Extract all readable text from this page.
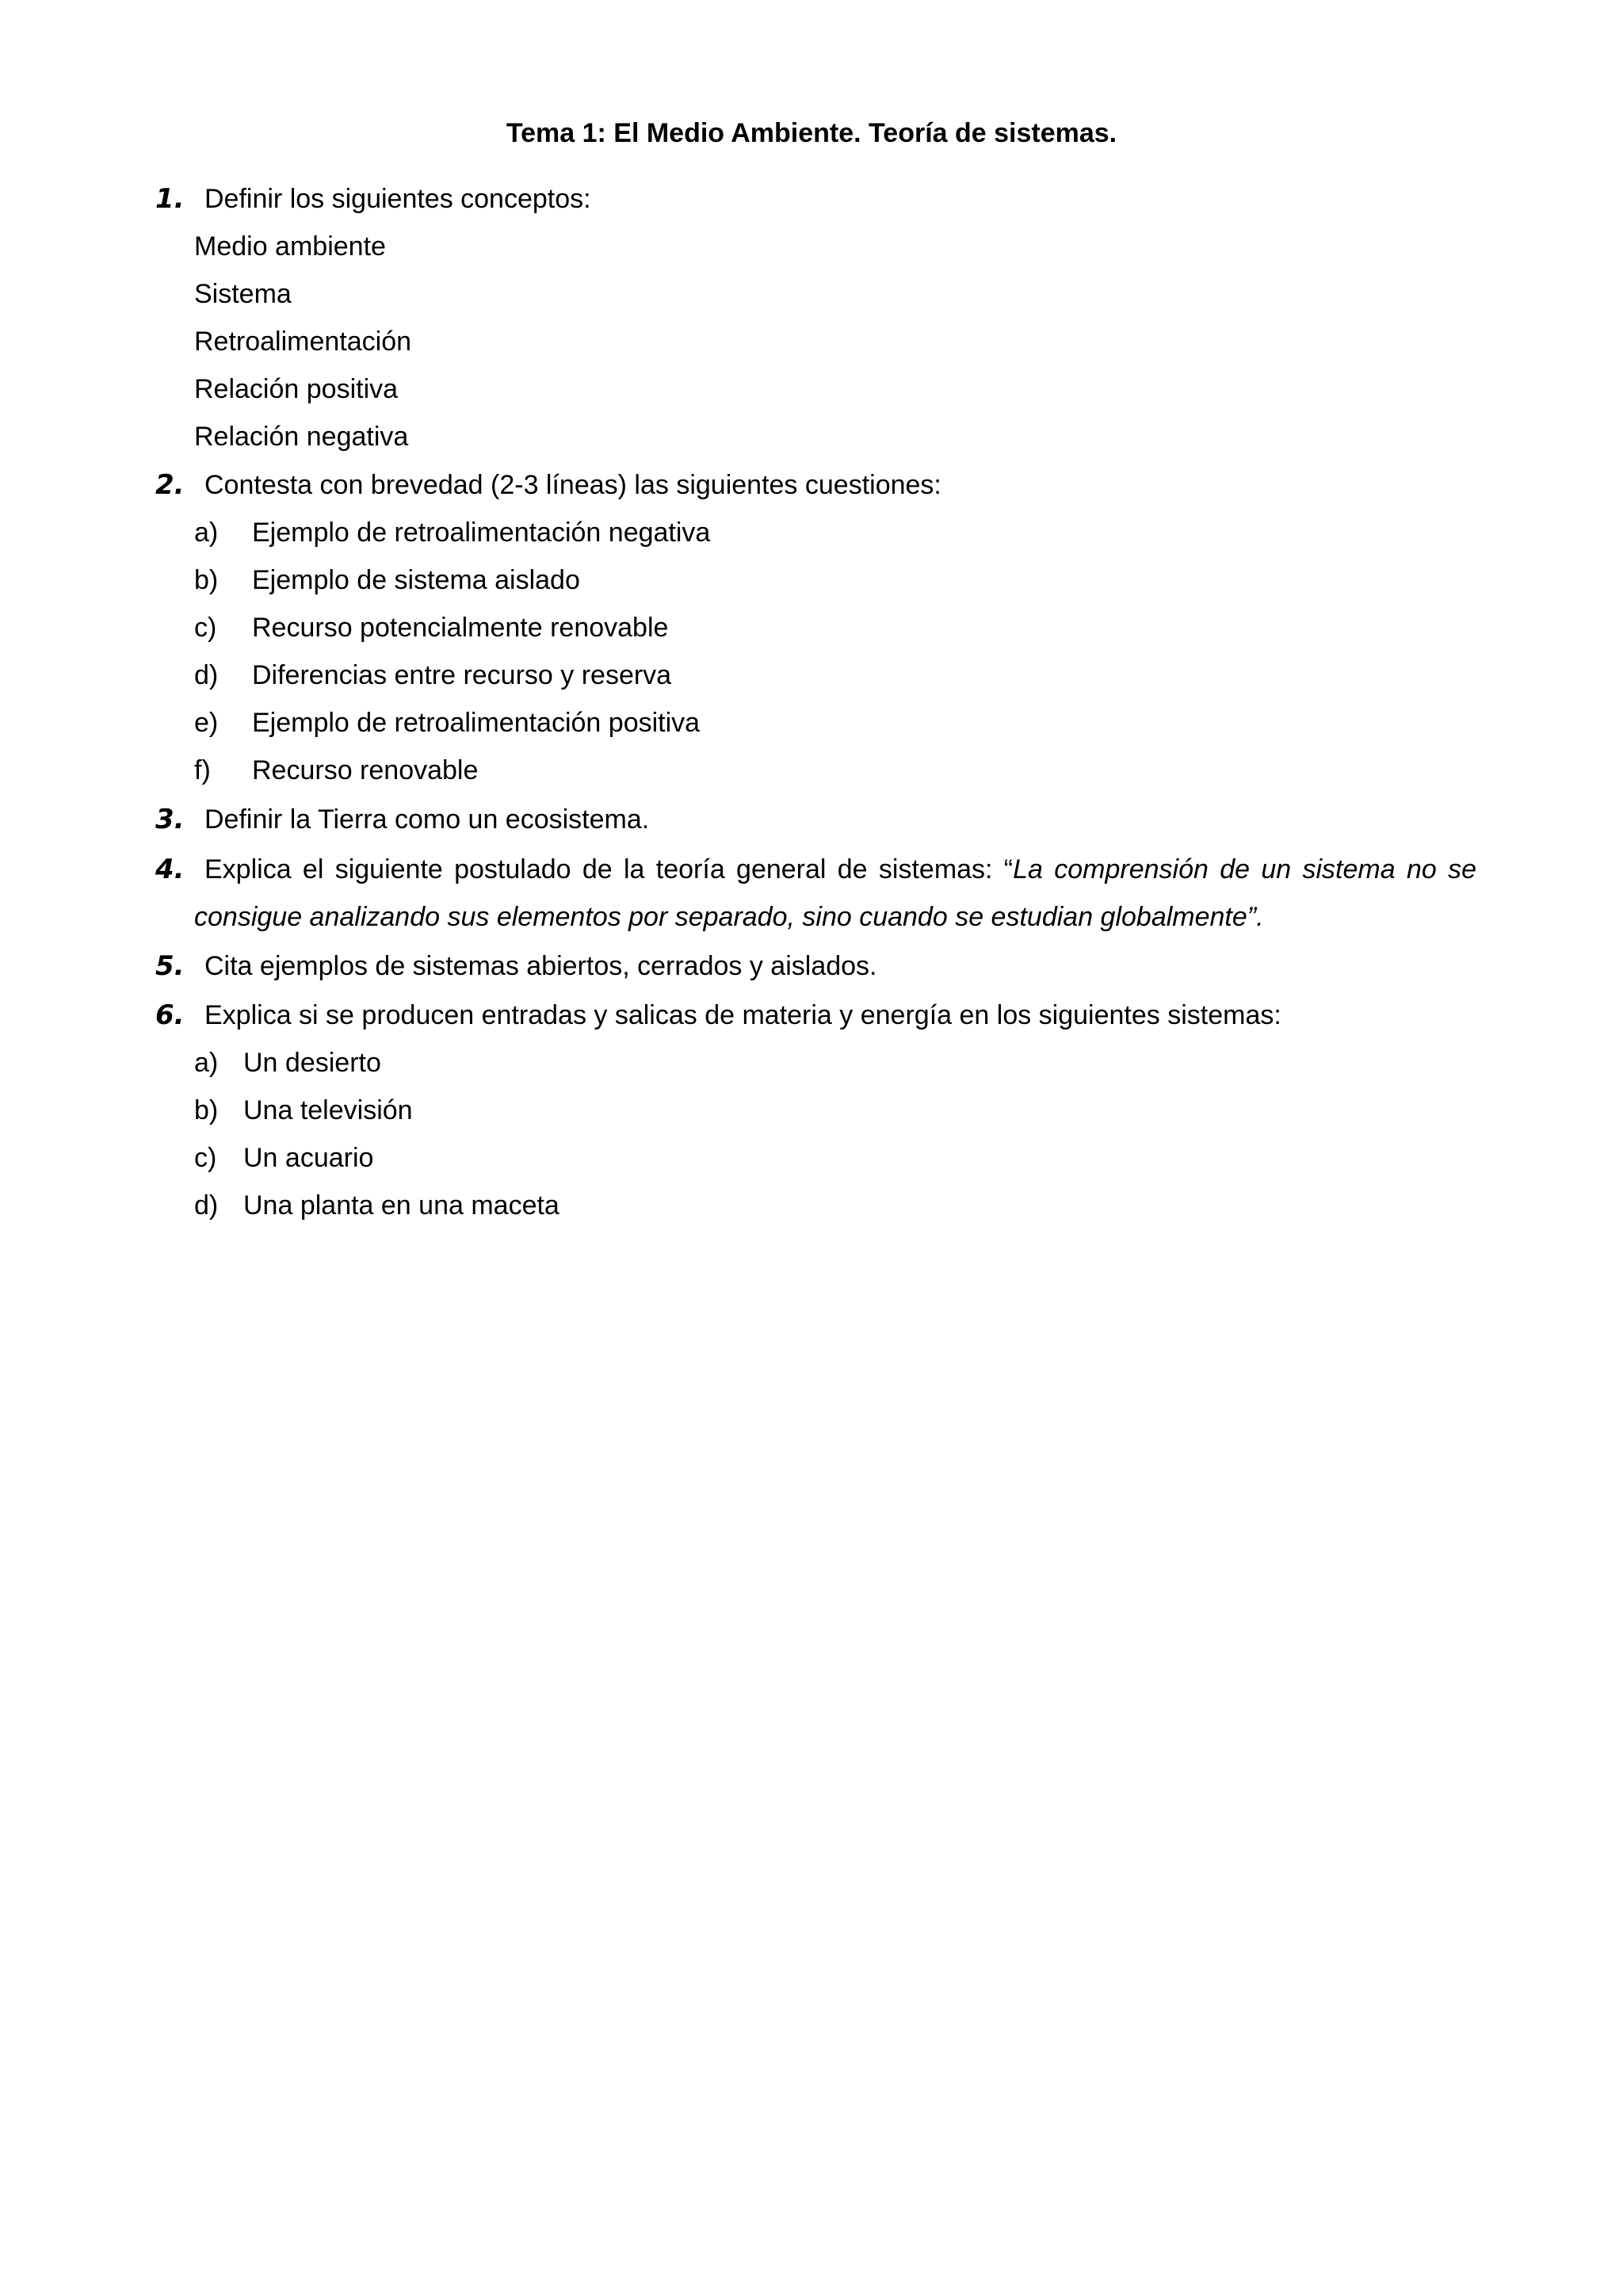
Tema 1: El Medio Ambiente. Teoría de sistemas.
1. Definir los siguientes conceptos:
Medio ambiente
Sistema
Retroalimentación
Relación positiva
Relación negativa
2. Contesta con brevedad (2-3 líneas) las siguientes cuestiones:
a) Ejemplo de retroalimentación negativa
b) Ejemplo de sistema aislado
c) Recurso potencialmente renovable
d) Diferencias entre recurso y reserva
e) Ejemplo de retroalimentación positiva
f) Recurso renovable
3. Definir la Tierra como un ecosistema.
4. Explica el siguiente postulado de la teoría general de sistemas: “La comprensión de un sistema no se
consigue analizando sus elementos por separado, sino cuando se estudian globalmente”.
5. Cita ejemplos de sistemas abiertos, cerrados y aislados.
6. Explica si se producen entradas y salicas de materia y energía en los siguientes sistemas:
a) Un desierto
b) Una televisión
c) Un acuario
d) Una planta en una maceta
